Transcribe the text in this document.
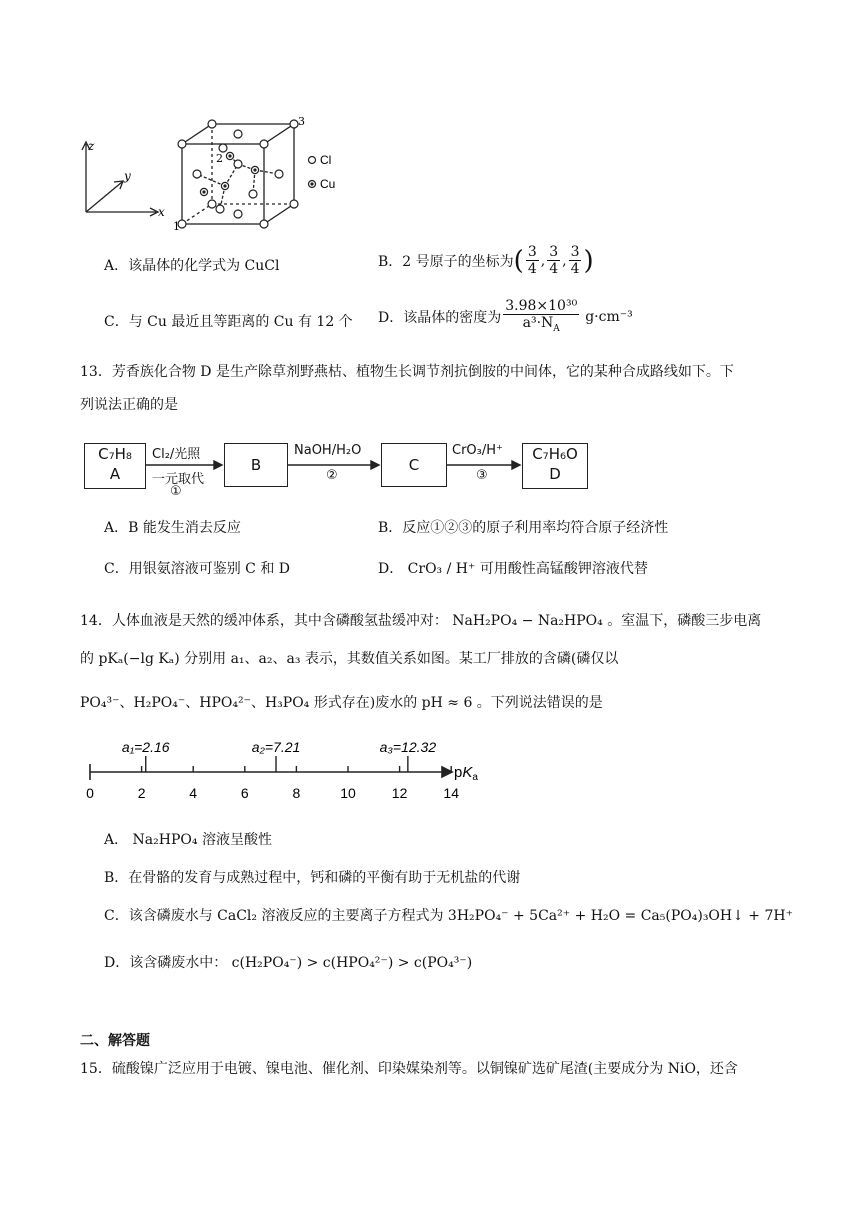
z
y
x
1
2
3
Cl
Cu
A．该晶体的化学式为 CuCl	B．2 号原子的坐标为 ( $\frac{3}{4}$ , $\frac{3}{4}$ , $\frac{3}{4}$ )
C．与 Cu 最近且等距离的 Cu 有 12 个 D．该晶体的密度为 $\frac{\text{3.98×10³⁰}}{a^3\cdot N_A} g\cdot cm^{-3}$
13．芳香族化合物 D 是生产除草剂野燕枯、植物生长调节剂抗倒胺的中间体，它的某种合成路线如下。下
列说法正确的是
C₇H₈
A
Cl₂/光照
一元取代
①
B
NaOH/H₂O
②
C
CrO₃/H⁺
③
C₇H₆O
D
A．B 能发生消去反应	B．反应①②③的原子利用率均符合原子经济性
C．用银氨溶液可鉴别 C 和 D	D． CrO₃ / H⁺ 可用酸性高锰酸钾溶液代替
14．人体血液是天然的缓冲体系，其中含磷酸氢盐缓冲对： NaH₂PO₄ − Na₂HPO₄ 。室温下，磷酸三步电离
的 pKₐ(−lg Kₐ) 分别用 a₁、a₂、a₃ 表示，其数值关系如图。某工厂排放的含磷(磷仅以
PO₄³⁻、H₂PO₄⁻、HPO₄²⁻、H₃PO₄ 形式存在)废水的 pH ≈ 6 。下列说法错误的是
0	2	4	6	8	10	12	14
$pK_a$
a₁=2.16	a₂=7.21	a₃=12.32
A． Na₂HPO₄ 溶液呈酸性
B．在骨骼的发育与成熟过程中，钙和磷的平衡有助于无机盐的代谢
C．该含磷废水与 CaCl₂ 溶液反应的主要离子方程式为 3H₂PO₄⁻ + 5Ca²⁺ + H₂O = Ca₅(PO₄)₃OH↓ + 7H⁺
D．该含磷废水中： c(H₂PO₄⁻) > c(HPO₄²⁻) > c(PO₄³⁻)
二、解答题
15．硫酸镍广泛应用于电镀、镍电池、催化剂、印染媒染剂等。以铜镍矿选矿尾渣(主要成分为 NiO，还含
